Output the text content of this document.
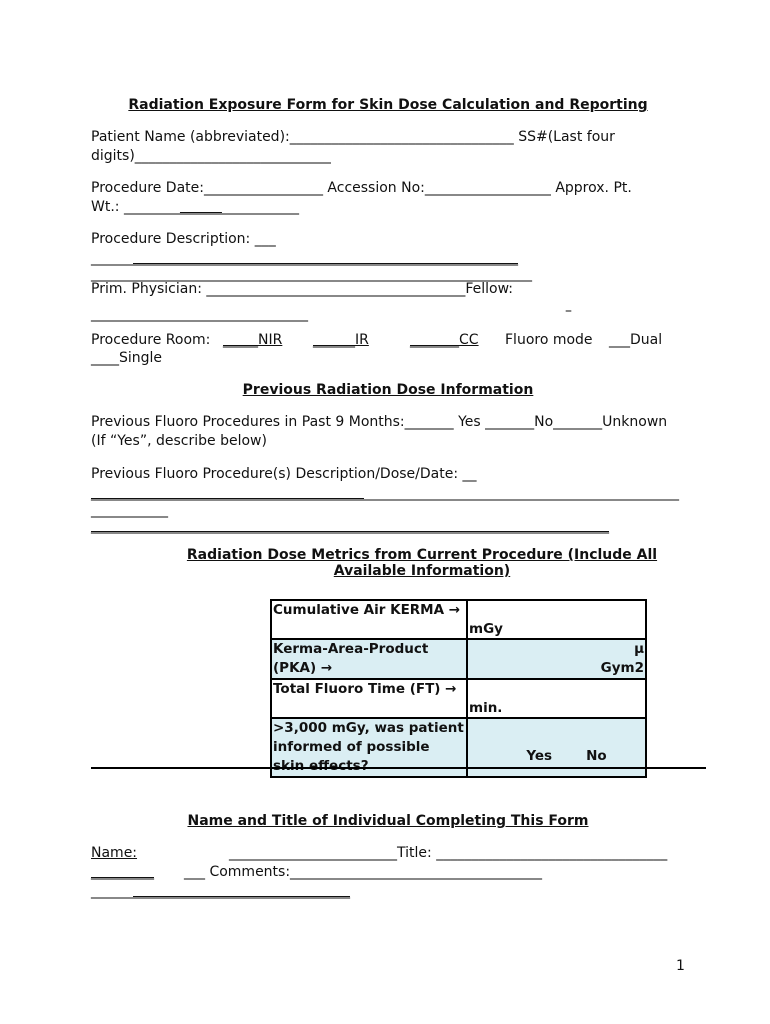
Radiation Exposure Form for Skin Dose Calculation and Reporting
Patient Name (abbreviated):________________________________ SS#(Last four
digits)____________________________
Procedure Date:_________________ Accession No:__________________ Approx. Pt.
Wt.: _________________________
Procedure Description: ___
_____________________________________________________________
_______________________________________________________________
Prim. Physician: _____________________________________Fellow:
_______________________________	–
Procedure Room: _____NIR ______IR	_______CC Fluoro mode ___Dual
____Single
Previous Radiation Dose Information
Previous Fluoro Procedures in Past 9 Months:_______ Yes _______No_______Unknown
(If “Yes”, describe below)
Previous Fluoro Procedure(s) Description/Dose/Date: __
____________________________________________________________________________________
___________
__________________________________________________________________________
Radiation Dose Metrics from Current Procedure (Include All
Available Information)
Cumulative Air KERMA →	mGy

Kerma-Area-Product (PKA) →	μ
Gym2

Total Fluoro Time (FT) →	min.

>3,000 mGy, was patient informed of possible skin effects?	Yes No
Name and Title of Individual Completing This Form
Name:	________________________Title: _________________________________
_________ ___ Comments:____________________________________
_____________________________________
1
